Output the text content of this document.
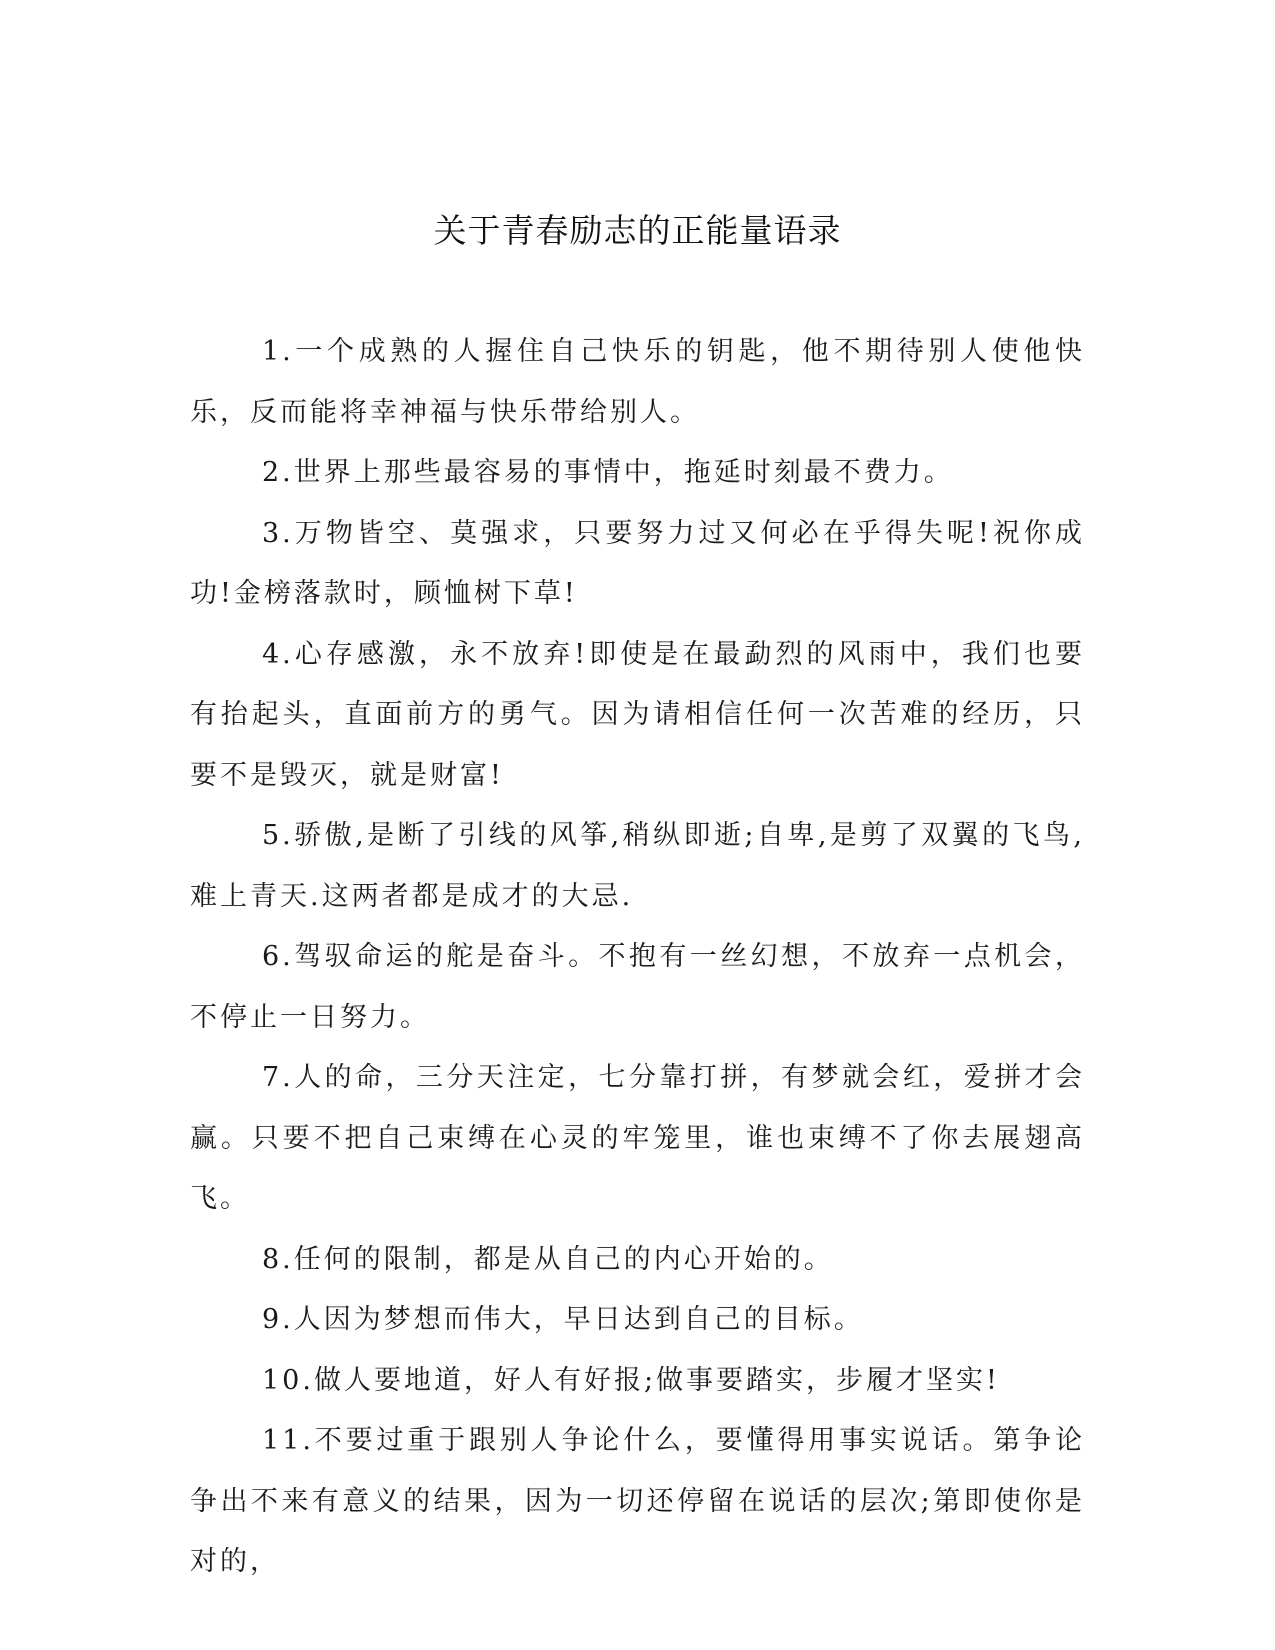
关于青春励志的正能量语录

1.一个成熟的人握住自己快乐的钥匙，他不期待别人使他快乐，反而能将幸神福与快乐带给别人。

2.世界上那些最容易的事情中，拖延时刻最不费力。

3.万物皆空、莫强求，只要努力过又何必在乎得失呢!祝你成功!金榜落款时，顾恤树下草!

4.心存感激，永不放弃!即使是在最勐烈的风雨中，我们也要有抬起头，直面前方的勇气。因为请相信任何一次苦难的经历，只要不是毁灭，就是财富!

5.骄傲,是断了引线的风筝,稍纵即逝;自卑,是剪了双翼的飞鸟,难上青天.这两者都是成才的大忌.

6.驾驭命运的舵是奋斗。不抱有一丝幻想，不放弃一点机会，不停止一日努力。

7.人的命，三分天注定，七分靠打拼，有梦就会红，爱拼才会赢。只要不把自己束缚在心灵的牢笼里，谁也束缚不了你去展翅高飞。

8.任何的限制，都是从自己的内心开始的。

9.人因为梦想而伟大，早日达到自己的目标。

10.做人要地道，好人有好报;做事要踏实，步履才坚实!

11.不要过重于跟别人争论什么，要懂得用事实说话。第争论争出不来有意义的结果，因为一切还停留在说话的层次;第即使你是对的，
